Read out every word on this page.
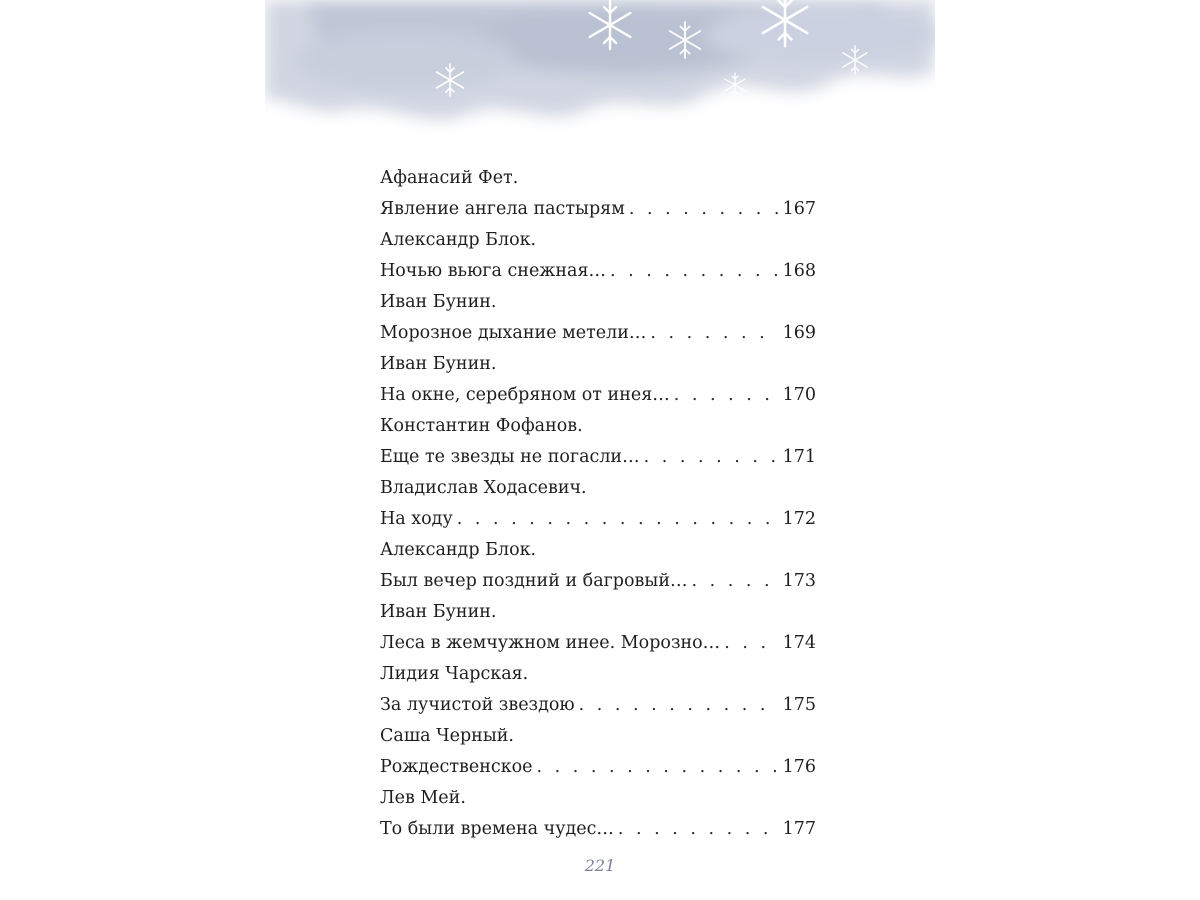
Афанасий Фет.
Явление ангела пастырям . . .	167
Александр Блок.
Ночью вьюга снежная… . . .	168
Иван Бунин.
Морозное дыхание метели… . . .	169
Иван Бунин.
На окне, серебряном от инея… . . .	170
Константин Фофанов.
Еще те звезды не погасли… . . .	171
Владислав Ходасевич.
На ходу . . .	172
Александр Блок.
Был вечер поздний и багровый… . . .	173
Иван Бунин.
Леса в жемчужном инее. Морозно… . . .	174
Лидия Чарская.
За лучистой звездою . . .	175
Саша Черный.
Рождественское . . .	176
Лев Мей.
То были времена чудес… . . .	177
221
